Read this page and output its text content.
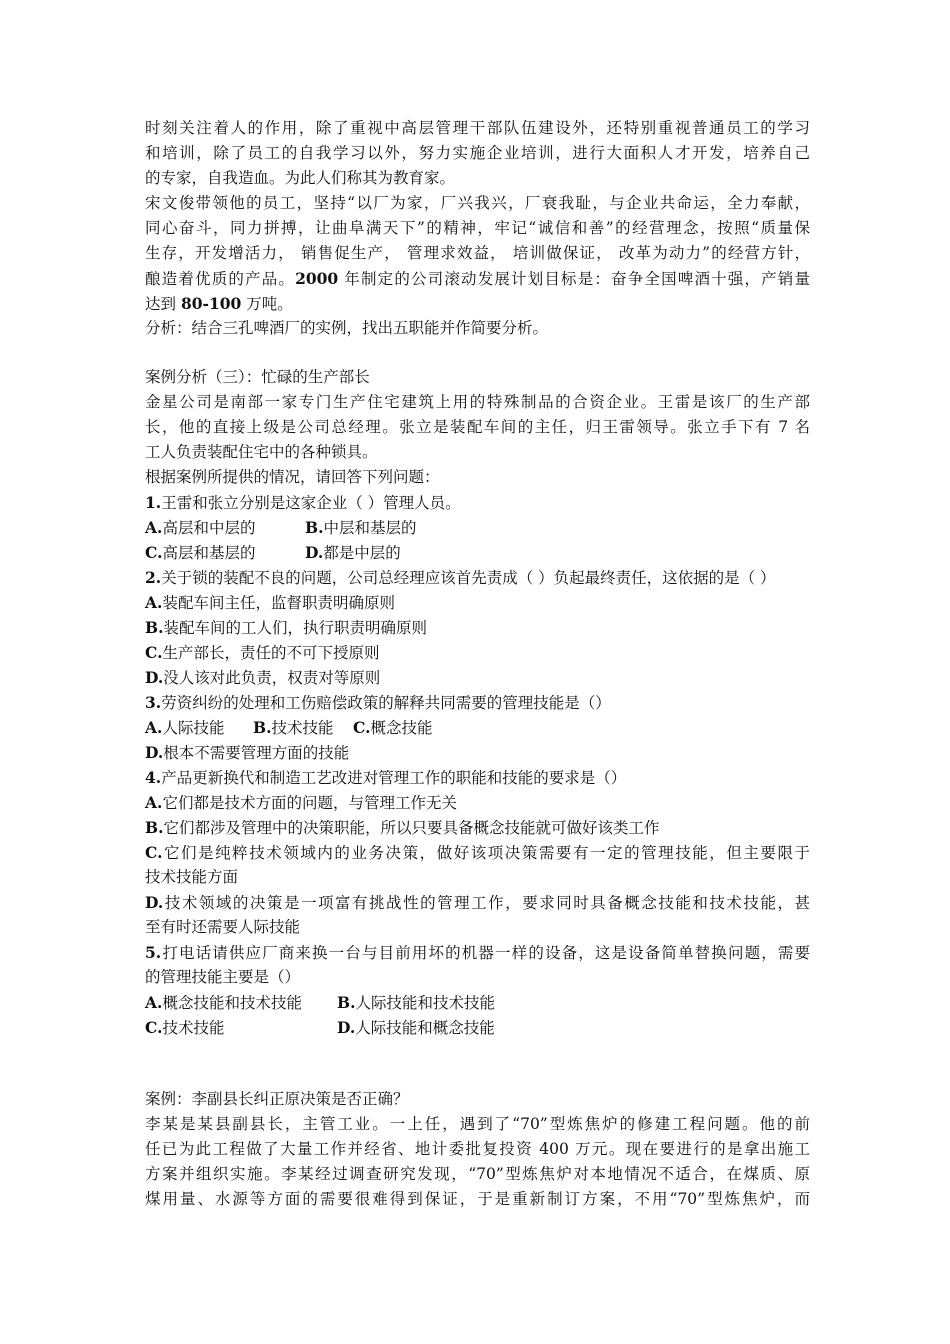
时刻关注着人的作用，除了重视中高层管理干部队伍建设外，还特别重视普通员工的学习
和培训，除了员工的自我学习以外，努力实施企业培训，进行大面积人才开发，培养自己
的专家，自我造血。为此人们称其为教育家。
宋文俊带领他的员工，坚持“以厂为家，厂兴我兴，厂衰我耻，与企业共命运，全力奉献，
同心奋斗，同力拼搏，让曲阜满天下”的精神，牢记“诚信和善”的经营理念，按照“质量保
生存，开发增活力， 销售促生产， 管理求效益， 培训做保证， 改革为动力”的经营方针，
酿造着优质的产品。2000 年制定的公司滚动发展计划目标是：奋争全国啤酒十强，产销量
达到 80-100 万吨。
分析：结合三孔啤酒厂的实例，找出五职能并作简要分析。
案例分析（三）：忙碌的生产部长
金星公司是南部一家专门生产住宅建筑上用的特殊制品的合资企业。王雷是该厂的生产部
长，他的直接上级是公司总经理。张立是装配车间的主任，归王雷领导。张立手下有 7 名
工人负责装配住宅中的各种锁具。
根据案例所提供的情况，请回答下列问题：
1.王雷和张立分别是这家企业（ ）管理人员。
A.高层和中层的	B.中层和基层的
C.高层和基层的	D.都是中层的
2.关于锁的装配不良的问题，公司总经理应该首先责成（ ）负起最终责任，这依据的是（ ）
A.装配车间主任，监督职责明确原则
B.装配车间的工人们，执行职责明确原则
C.生产部长，责任的不可下授原则
D.没人该对此负责，权责对等原则
3.劳资纠纷的处理和工伤赔偿政策的解释共同需要的管理技能是（）
A.人际技能 B.技术技能 C.概念技能
D.根本不需要管理方面的技能
4.产品更新换代和制造工艺改进对管理工作的职能和技能的要求是（）
A.它们都是技术方面的问题，与管理工作无关
B.它们都涉及管理中的决策职能，所以只要具备概念技能就可做好该类工作
C.它们是纯粹技术领域内的业务决策，做好该项决策需要有一定的管理技能，但主要限于
技术技能方面
D.技术领域的决策是一项富有挑战性的管理工作，要求同时具备概念技能和技术技能，甚
至有时还需要人际技能
5.打电话请供应厂商来换一台与目前用坏的机器一样的设备，这是设备简单替换问题，需要
的管理技能主要是（）
A.概念技能和技术技能 B.人际技能和技术技能
C.技术技能	D.人际技能和概念技能
案例：李副县长纠正原决策是否正确？
李某是某县副县长，主管工业。一上任，遇到了“70”型炼焦炉的修建工程问题。他的前
任已为此工程做了大量工作并经省、地计委批复投资 400 万元。现在要进行的是拿出施工
方案并组织实施。李某经过调查研究发现，“70”型炼焦炉对本地情况不适合，在煤质、原
煤用量、水源等方面的需要很难得到保证，于是重新制订方案，不用“70”型炼焦炉，而
